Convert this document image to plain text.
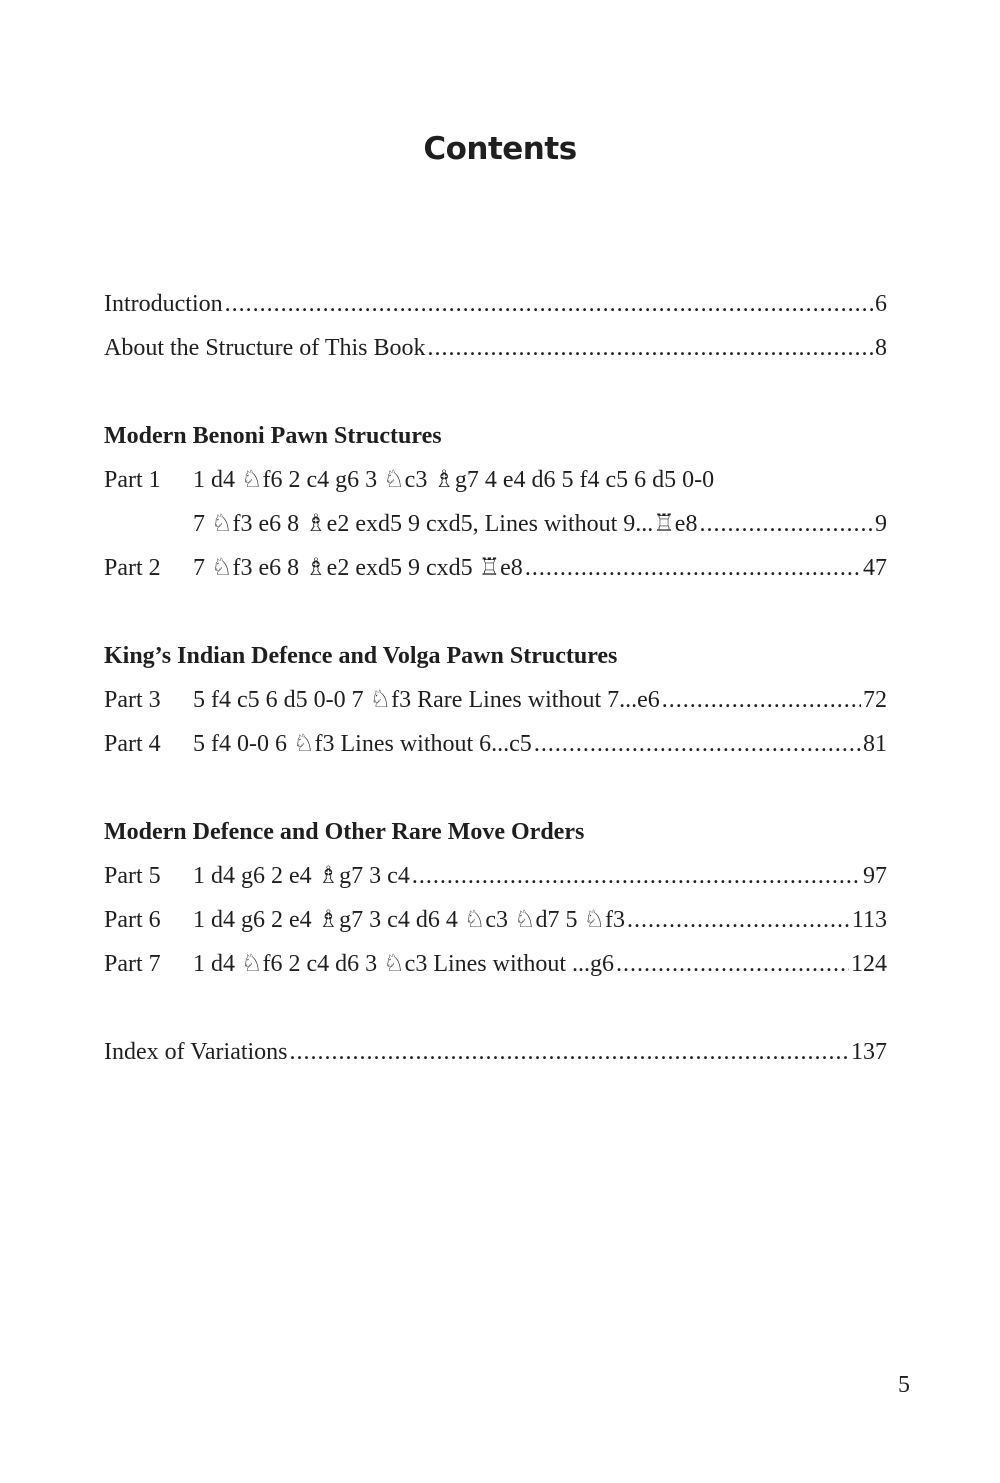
Contents
Introduction .....	6
About the Structure of This Book .....	8
Modern Benoni Pawn Structures
Part 1	1 d4 ♘f6 2 c4 g6 3 ♘c3 ♗g7 4 e4 d6 5 f4 c5 6 d5 0-0
7 ♘f3 e6 8 ♗e2 exd5 9 cxd5, Lines without 9...♖e8 .....	9
Part 2	7 ♘f3 e6 8 ♗e2 exd5 9 cxd5 ♖e8 .....	47
King’s Indian Defence and Volga Pawn Structures
Part 3	5 f4 c5 6 d5 0-0 7 ♘f3 Rare Lines without 7...e6 .....	72
Part 4	5 f4 0-0 6 ♘f3 Lines without 6...c5 .....	81
Modern Defence and Other Rare Move Orders
Part 5	1 d4 g6 2 e4 ♗g7 3 c4 .....	97
Part 6	1 d4 g6 2 e4 ♗g7 3 c4 d6 4 ♘c3 ♘d7 5 ♘f3 .....	113
Part 7	1 d4 ♘f6 2 c4 d6 3 ♘c3 Lines without ...g6 .....	124
Index of Variations .....	137
5
